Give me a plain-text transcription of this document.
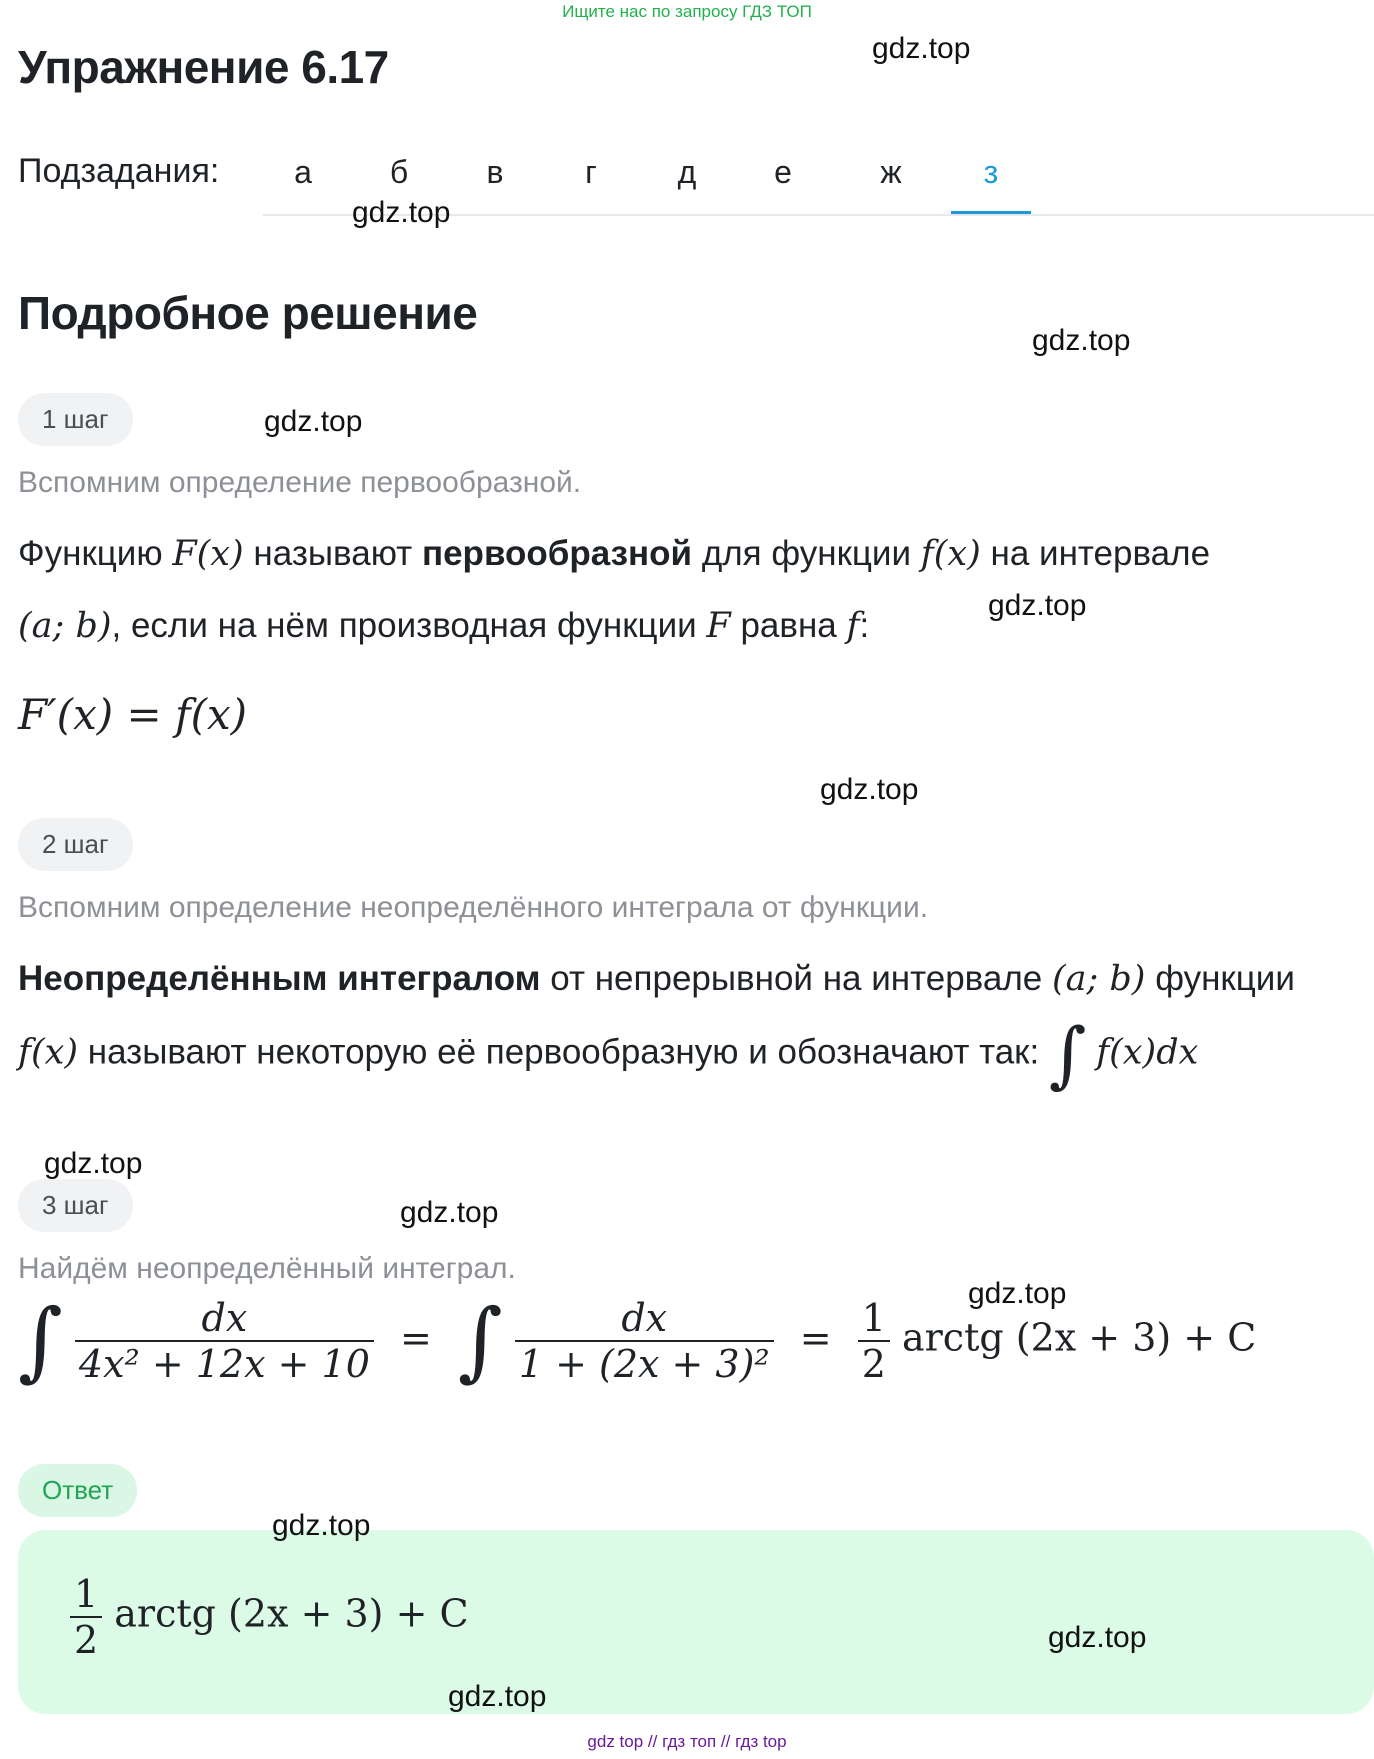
Ищите нас по запросу ГДЗ ТОП
Упражнение 6.17
Подзадания:	а	б	в	г	д	е	ж	з
Подробное решение
1 шаг
Вспомним определение первообразной.
Функцию F(x) называют первообразной для функции f(x) на интервале
(a; b), если на нём производная функции F равна f:
F′(x) = f(x)
2 шаг
Вспомним определение неопределённого интеграла от функции.
Неопределённым интегралом от непрерывной на интервале (a; b) функции
f(x) называют некоторую её первообразную и обозначают так: ∫ f(x)dx
3 шаг
Найдём неопределённый интеграл.
∫ $\frac{dx}{\text{4x² + 12x + 10}}$ = ∫ $\frac{dx}{\text{1 + (2x + 3)²}} = \frac{1}{2}$ arctg (2x + 3) + C
Ответ
$\frac{1}{2}$ arctg (2x + 3) + C
gdz.top
gdz.top
gdz.top
gdz.top
gdz.top
gdz.top
gdz.top
gdz.top
gdz.top
gdz.top
gdz.top
gdz.top
gdz top // гдз топ // гдз top
